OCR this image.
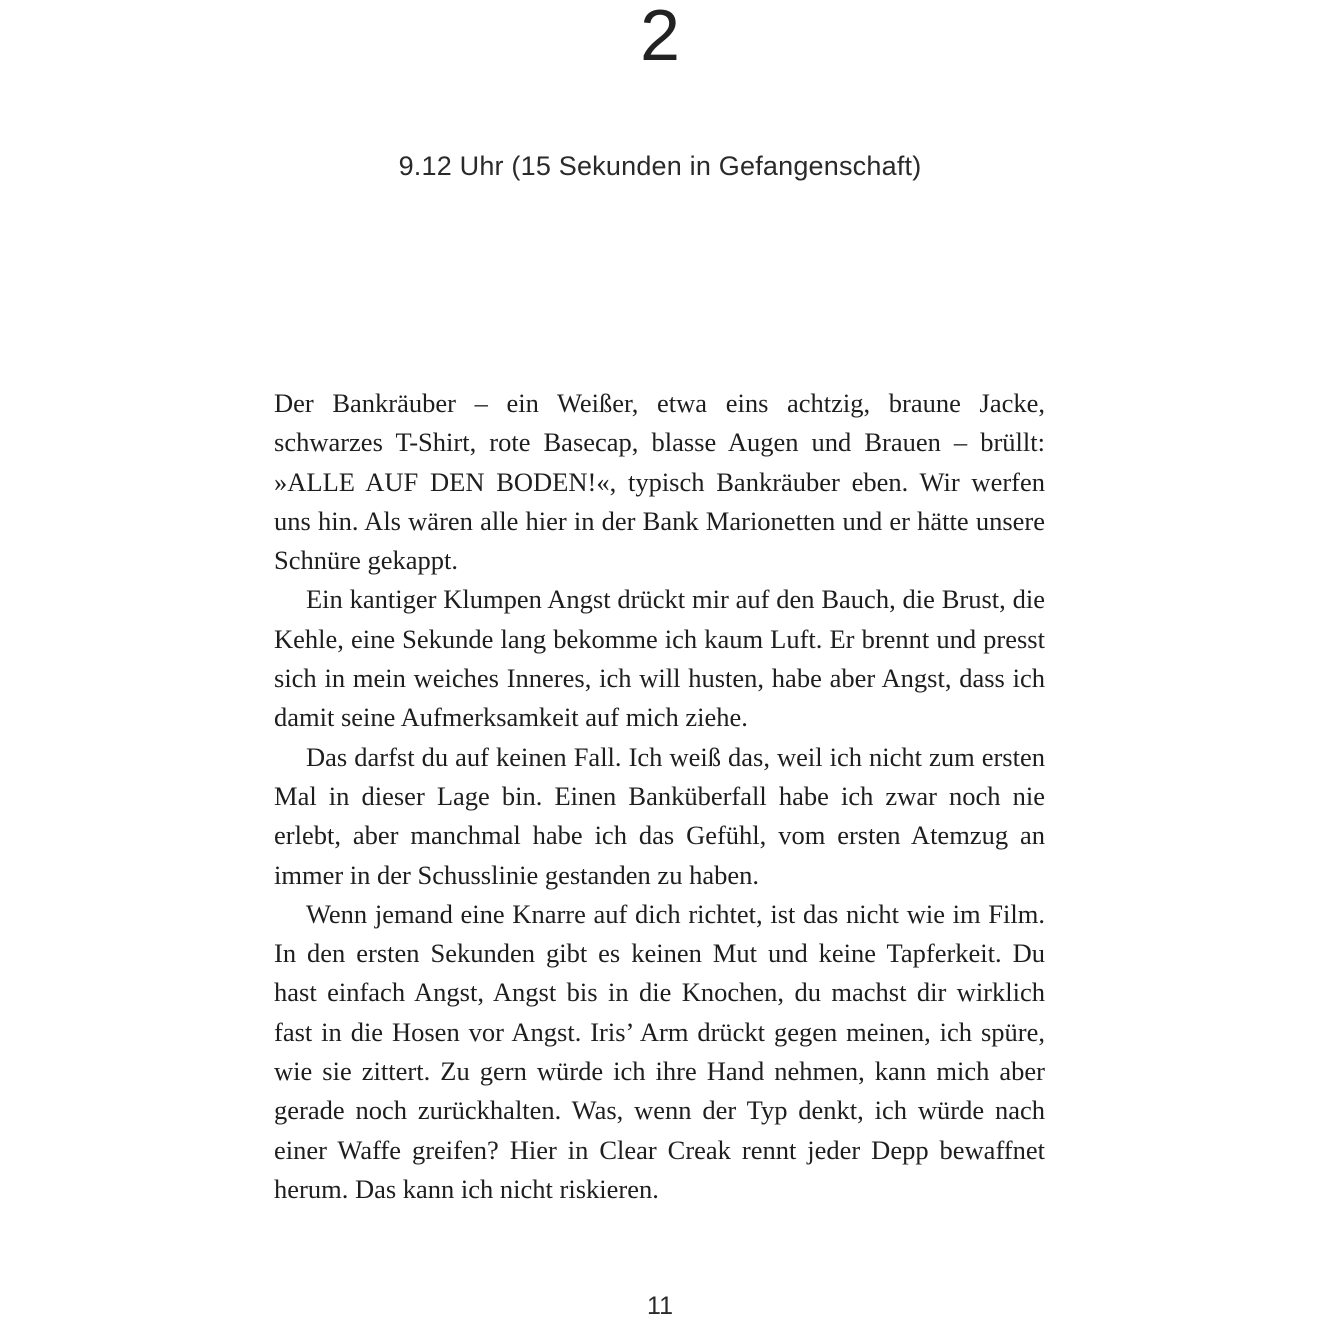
2
9.12 Uhr (15 Sekunden in Gefangenschaft)

Der Bankräuber – ein Weißer, etwa eins achtzig, braune Jacke, schwarzes T-Shirt, rote Basecap, blasse Augen und Brauen – brüllt: »ALLE AUF DEN BODEN!«, typisch Bankräuber eben. Wir werfen uns hin. Als wären alle hier in der Bank Marionetten und er hätte unsere Schnüre gekappt.

Ein kantiger Klumpen Angst drückt mir auf den Bauch, die Brust, die Kehle, eine Sekunde lang bekomme ich kaum Luft. Er brennt und presst sich in mein weiches Inneres, ich will husten, habe aber Angst, dass ich damit seine Aufmerksamkeit auf mich ziehe.

Das darfst du auf keinen Fall. Ich weiß das, weil ich nicht zum ersten Mal in dieser Lage bin. Einen Banküberfall habe ich zwar noch nie erlebt, aber manchmal habe ich das Gefühl, vom ersten Atemzug an immer in der Schusslinie gestanden zu haben.

Wenn jemand eine Knarre auf dich richtet, ist das nicht wie im Film. In den ersten Sekunden gibt es keinen Mut und keine Tapferkeit. Du hast einfach Angst, Angst bis in die Knochen, du machst dir wirklich fast in die Hosen vor Angst. Iris’ Arm drückt gegen meinen, ich spüre, wie sie zittert. Zu gern würde ich ihre Hand nehmen, kann mich aber gerade noch zurückhalten. Was, wenn der Typ denkt, ich würde nach einer Waffe greifen? Hier in Clear Creak rennt jeder Depp bewaffnet herum. Das kann ich nicht riskieren.

11
